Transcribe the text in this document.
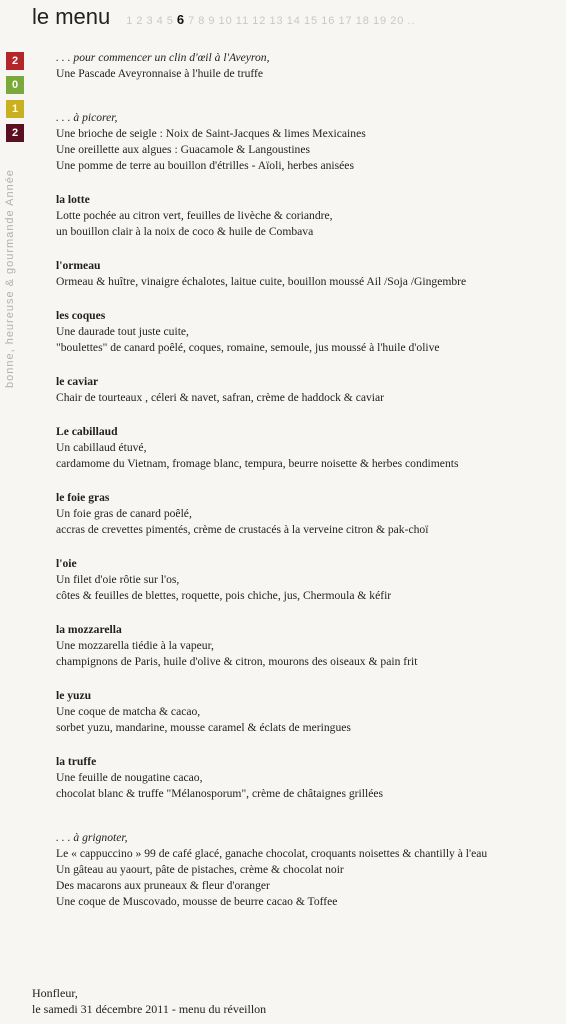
le menu 1 2 3 4 5 6 7 8 9 10 11 12 13 14 15 16 17 18 19 20 ..
2
0
1
2
bonne, heureuse & gourmande Année
. . . pour commencer un clin d'œil à l'Aveyron,
Une Pascade Aveyronnaise à l'huile de truffe
. . . à picorer,
Une brioche de seigle : Noix de Saint-Jacques & limes Mexicaines
Une oreillette aux algues : Guacamole & Langoustines
Une pomme de terre au bouillon d'étrilles - Aïoli, herbes anisées
la lotte
Lotte pochée au citron vert, feuilles de livèche & coriandre,
un bouillon clair à la noix de coco & huile de Combava
l'ormeau
Ormeau & huître, vinaigre échalotes, laitue cuite, bouillon moussé Ail /Soja /Gingembre
les coques
Une daurade tout juste cuite,
"boulettes" de canard poêlé, coques, romaine, semoule, jus moussé à l'huile d'olive
le caviar
Chair de tourteaux , céleri & navet, safran, crème de haddock & caviar
Le cabillaud
Un cabillaud étuvé,
cardamome du Vietnam, fromage blanc, tempura, beurre noisette & herbes condiments
le foie gras
Un foie gras de canard poêlé,
accras de crevettes pimentés, crème de crustacés à la verveine citron & pak-choï
l'oie
Un filet d'oie rôtie sur l'os,
côtes & feuilles de blettes, roquette, pois chiche, jus, Chermoula & kéfir
la mozzarella
Une mozzarella tiédie à la vapeur,
champignons de Paris, huile d'olive & citron, mourons des oiseaux & pain frit
le yuzu
Une coque de matcha & cacao,
sorbet yuzu, mandarine, mousse caramel & éclats de meringues
la truffe
Une feuille de nougatine cacao,
chocolat blanc & truffe "Mélanosporum", crème de châtaignes grillées
. . . à grignoter,
Le « cappuccino » 99 de café glacé, ganache chocolat, croquants noisettes & chantilly à l'eau
Un gâteau au yaourt, pâte de pistaches, crème & chocolat noir
Des macarons aux pruneaux & fleur d'oranger
Une coque de Muscovado, mousse de beurre cacao & Toffee
Honfleur,
le samedi 31 décembre 2011 - menu du réveillon
